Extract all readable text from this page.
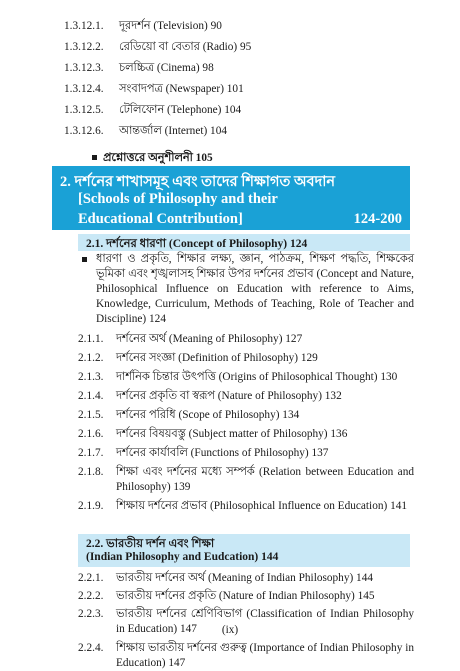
1.3.12.1. দূরদর্শন (Television) 90
1.3.12.2. রেডিয়ো বা বেতার (Radio) 95
1.3.12.3. চলচ্চিত্র (Cinema) 98
1.3.12.4. সংবাদপত্র (Newspaper) 101
1.3.12.5. টেলিফোন (Telephone) 104
1.3.12.6. আন্তর্জাল (Internet) 104
প্রশ্নোত্তরে অনুশীলনী 105
2. দর্শনের শাখাসমূহ এবং তাদের শিক্ষাগত অবদান
[Schools of Philosophy and their
Educational Contribution]	124-200
2.1. দর্শনের ধারণা (Concept of Philosophy) 124
ধারণা ও প্রকৃতি, শিক্ষার লক্ষ্য, জ্ঞান, পাঠক্রম, শিক্ষণ পদ্ধতি, শিক্ষকের ভূমিকা এবং শৃঙ্খলাসহ শিক্ষার উপর দর্শনের প্রভাব (Concept and Nature, Philosophical Influence on Education with reference to Aims, Knowledge, Curriculum, Methods of Teaching, Role of Teacher and Discipline) 124
2.1.1. দর্শনের অর্থ (Meaning of Philosophy) 127
2.1.2. দর্শনের সংজ্ঞা (Definition of Philosophy) 129
2.1.3. দার্শনিক চিন্তার উৎপত্তি (Origins of Philosophical Thought) 130
2.1.4. দর্শনের প্রকৃতি বা স্বরূপ (Nature of Philosophy) 132
2.1.5. দর্শনের পরিধি (Scope of Philosophy) 134
2.1.6. দর্শনের বিষয়বস্তু (Subject matter of Philosophy) 136
2.1.7. দর্শনের কার্যাবলি (Functions of Philosophy) 137
2.1.8. শিক্ষা এবং দর্শনের মধ্যে সম্পর্ক (Relation between Education and Philosophy) 139
2.1.9. শিক্ষায় দর্শনের প্রভাব (Philosophical Influence on Education) 141
2.2. ভারতীয় দর্শন এবং শিক্ষা
(Indian Philosophy and Eudcation) 144
2.2.1. ভারতীয় দর্শনের অর্থ (Meaning of Indian Philosophy) 144
2.2.2. ভারতীয় দর্শনের প্রকৃতি (Nature of Indian Philosophy) 145
(ix)
2.2.3. ভারতীয় দর্শনের শ্রেণিবিভাগ (Classification of Indian Philosophy in Education) 147
2.2.4. শিক্ষায় ভারতীয় দর্শনের গুরুত্ব (Importance of Indian Philosophy in Education) 147
